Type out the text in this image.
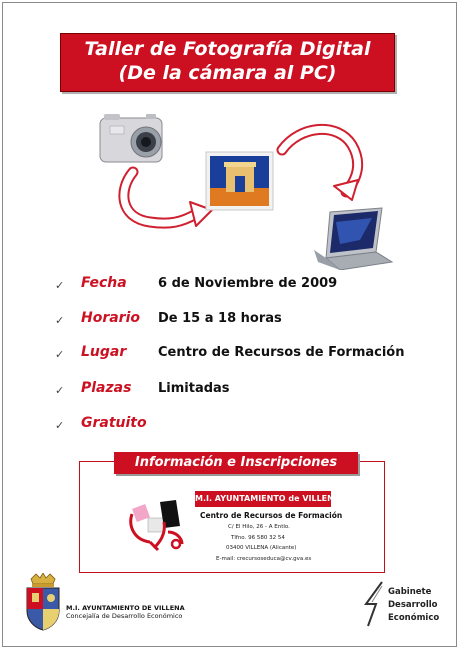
Taller de Fotografía Digital
(De la cámara al PC)
✓ Fecha 6 de Noviembre de 2009
✓ Horario De 15 a 18 horas
✓ Lugar Centro de Recursos de Formación
✓ Plazas Limitadas
✓ Gratuito
Información e Inscripciones
M.I. AYUNTAMIENTO de VILLENA
Centro de Recursos de Formación
C/ El Hilo, 26 - A Entlo.
Tlfno. 96 580 32 54
03400 VILLENA (Alicante)
E-mail: crecursoseduca@cv.gva.es
M.I. AYUNTAMIENTO DE VILLENA
Concejalía de Desarrollo Económico
Gabinete
Desarrollo
Económico
